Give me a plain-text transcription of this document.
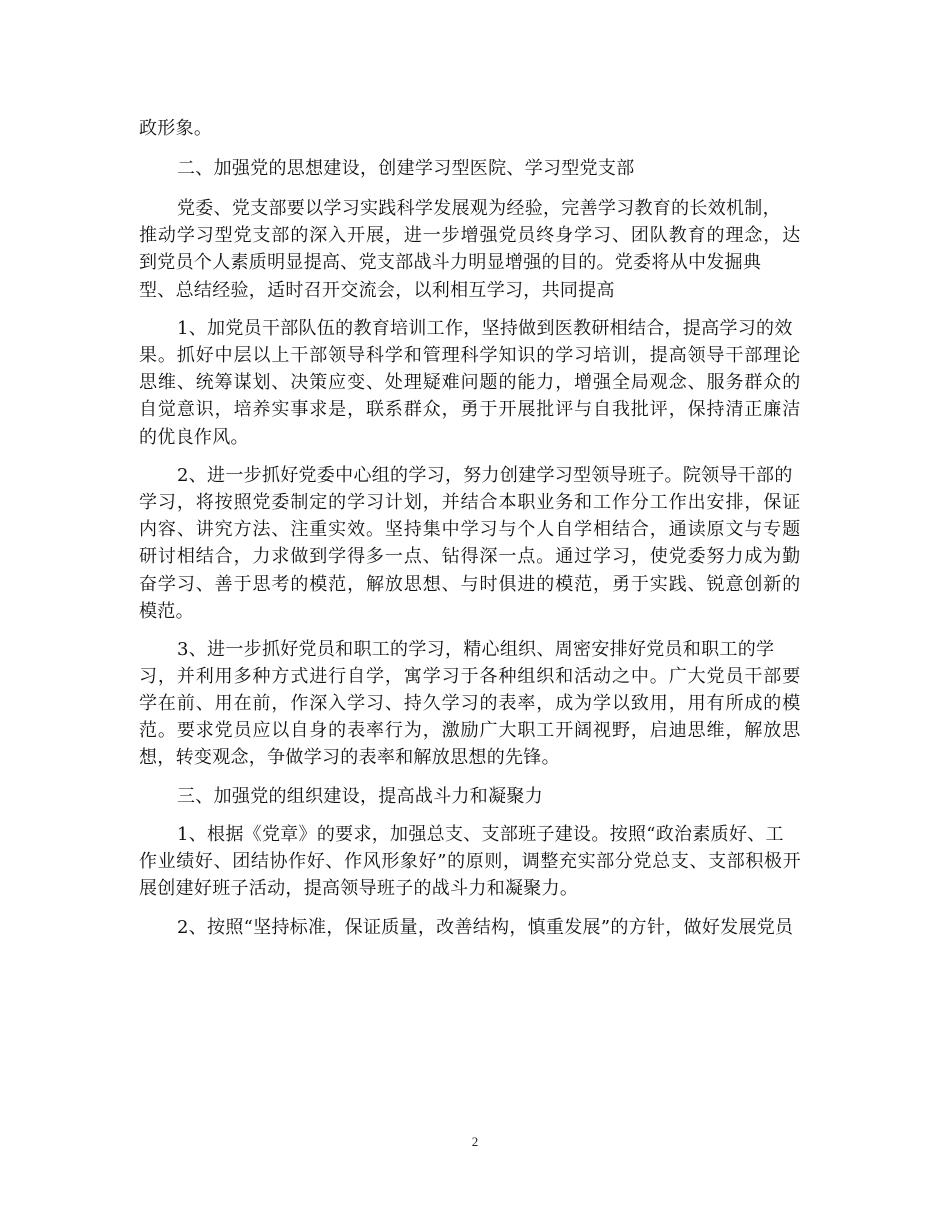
政形象。
二、加强党的思想建设，创建学习型医院、学习型党支部
党委、党支部要以学习实践科学发展观为经验，完善学习教育的长效机制，
推动学习型党支部的深入开展，进一步增强党员终身学习、团队教育的理念，达
到党员个人素质明显提高、党支部战斗力明显增强的目的。党委将从中发掘典
型、总结经验，适时召开交流会，以利相互学习，共同提高
1、加党员干部队伍的教育培训工作，坚持做到医教研相结合，提高学习的效
果。抓好中层以上干部领导科学和管理科学知识的学习培训，提高领导干部理论
思维、统筹谋划、决策应变、处理疑难问题的能力，增强全局观念、服务群众的
自觉意识，培养实事求是，联系群众，勇于开展批评与自我批评，保持清正廉洁
的优良作风。
2、进一步抓好党委中心组的学习，努力创建学习型领导班子。院领导干部的
学习，将按照党委制定的学习计划，并结合本职业务和工作分工作出安排，保证
内容、讲究方法、注重实效。坚持集中学习与个人自学相结合，通读原文与专题
研讨相结合，力求做到学得多一点、钻得深一点。通过学习，使党委努力成为勤
奋学习、善于思考的模范，解放思想、与时俱进的模范，勇于实践、锐意创新的
模范。
3、进一步抓好党员和职工的学习，精心组织、周密安排好党员和职工的学
习，并利用多种方式进行自学，寓学习于各种组织和活动之中。广大党员干部要
学在前、用在前，作深入学习、持久学习的表率，成为学以致用，用有所成的模
范。要求党员应以自身的表率行为，激励广大职工开阔视野，启迪思维，解放思
想，转变观念，争做学习的表率和解放思想的先锋。
三、加强党的组织建设，提高战斗力和凝聚力
1、根据《党章》的要求，加强总支、支部班子建设。按照“政治素质好、工
作业绩好、团结协作好、作风形象好”的原则，调整充实部分党总支、支部积极开
展创建好班子活动，提高领导班子的战斗力和凝聚力。
2、按照“坚持标准，保证质量，改善结构，慎重发展”的方针，做好发展党员
2
